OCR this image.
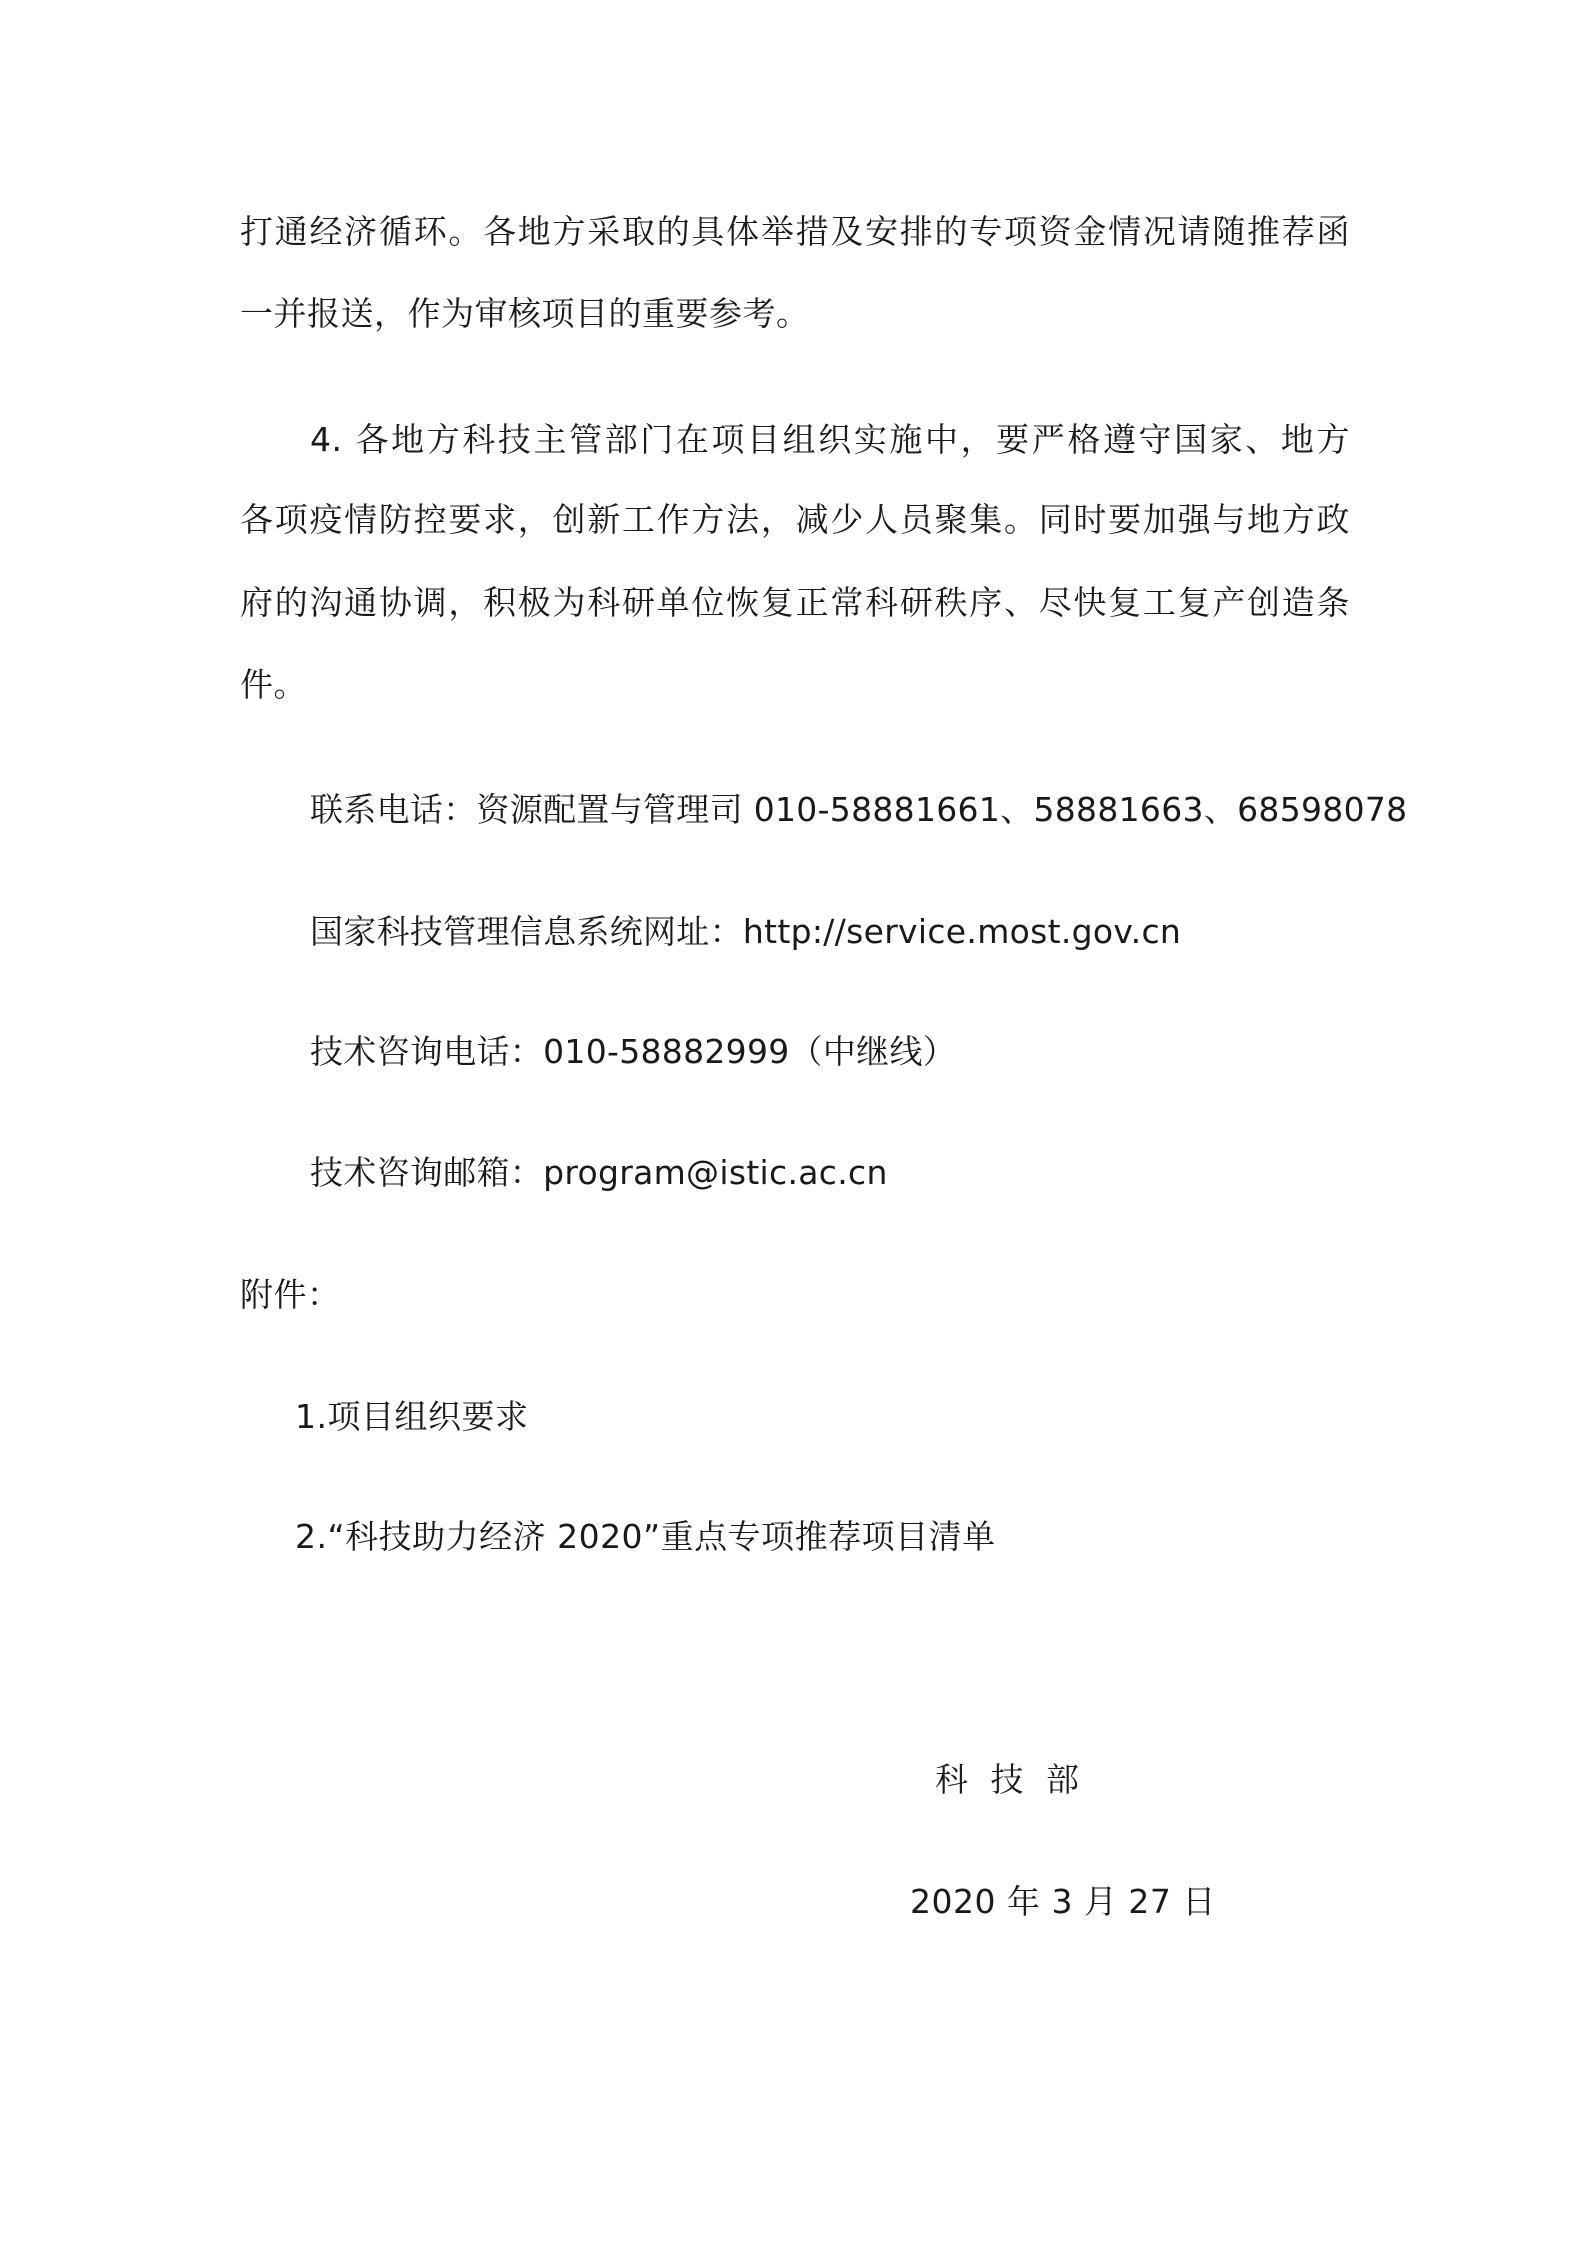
打通经济循环。各地方采取的具体举措及安排的专项资金情况请随推荐函
一并报送，作为审核项目的重要参考。
4. 各地方科技主管部门在项目组织实施中，要严格遵守国家、地方
各项疫情防控要求，创新工作方法，减少人员聚集。同时要加强与地方政
府的沟通协调，积极为科研单位恢复正常科研秩序、尽快复工复产创造条
件。
联系电话：资源配置与管理司 010-58881661、58881663、68598078
国家科技管理信息系统网址：http://service.most.gov.cn
技术咨询电话：010-58882999（中继线）
技术咨询邮箱：program@istic.ac.cn
附件：
1.项目组织要求
2.“科技助力经济 2020”重点专项推荐项目清单
科 技 部
2020 年 3 月 27 日
